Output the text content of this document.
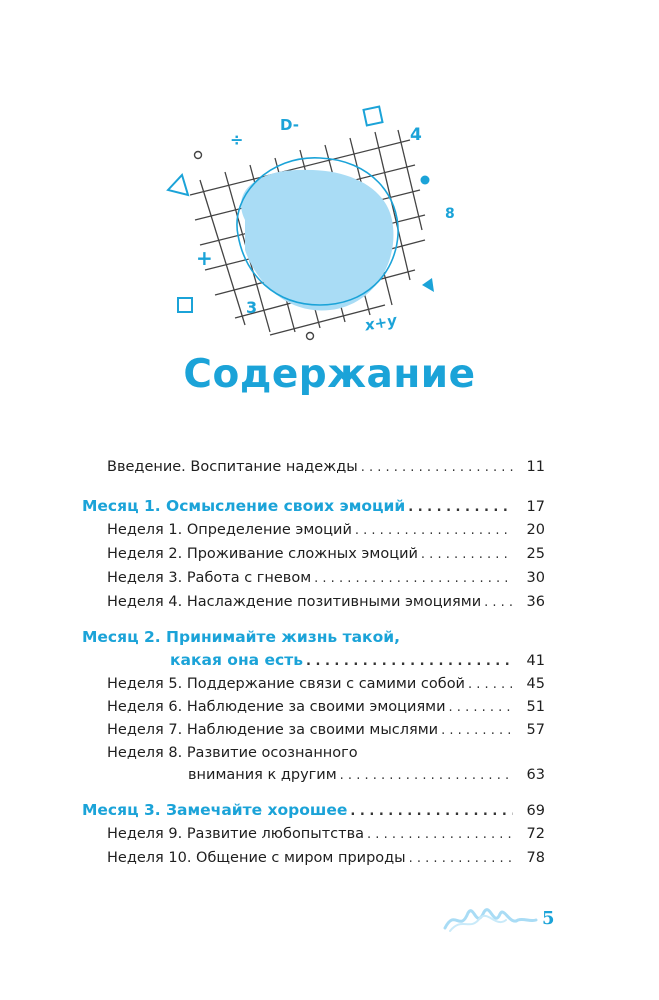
÷
D-	4
8
+
3
x+y
Содержание
Введение. Воспитание надежды . . .	11
Месяц 1. Осмысление своих эмоций . . .	17
Неделя 1. Определение эмоций . . .	20
Неделя 2. Проживание сложных эмоций . . .	25
Неделя 3. Работа с гневом . . .	30
Неделя 4. Наслаждение позитивными эмоциями . . .	36
Месяц 2. Принимайте жизнь такой,
какая она есть . . .	41
Неделя 5. Поддержание связи с самими собой . . .	45
Неделя 6. Наблюдение за своими эмоциями . . .	51
Неделя 7. Наблюдение за своими мыслями . . .	57
Неделя 8. Развитие осознанного
внимания к другим . . .	63
Месяц 3. Замечайте хорошее . . .	69
Неделя 9. Развитие любопытства . . .	72
Неделя 10. Общение с миром природы . . .	78
5
